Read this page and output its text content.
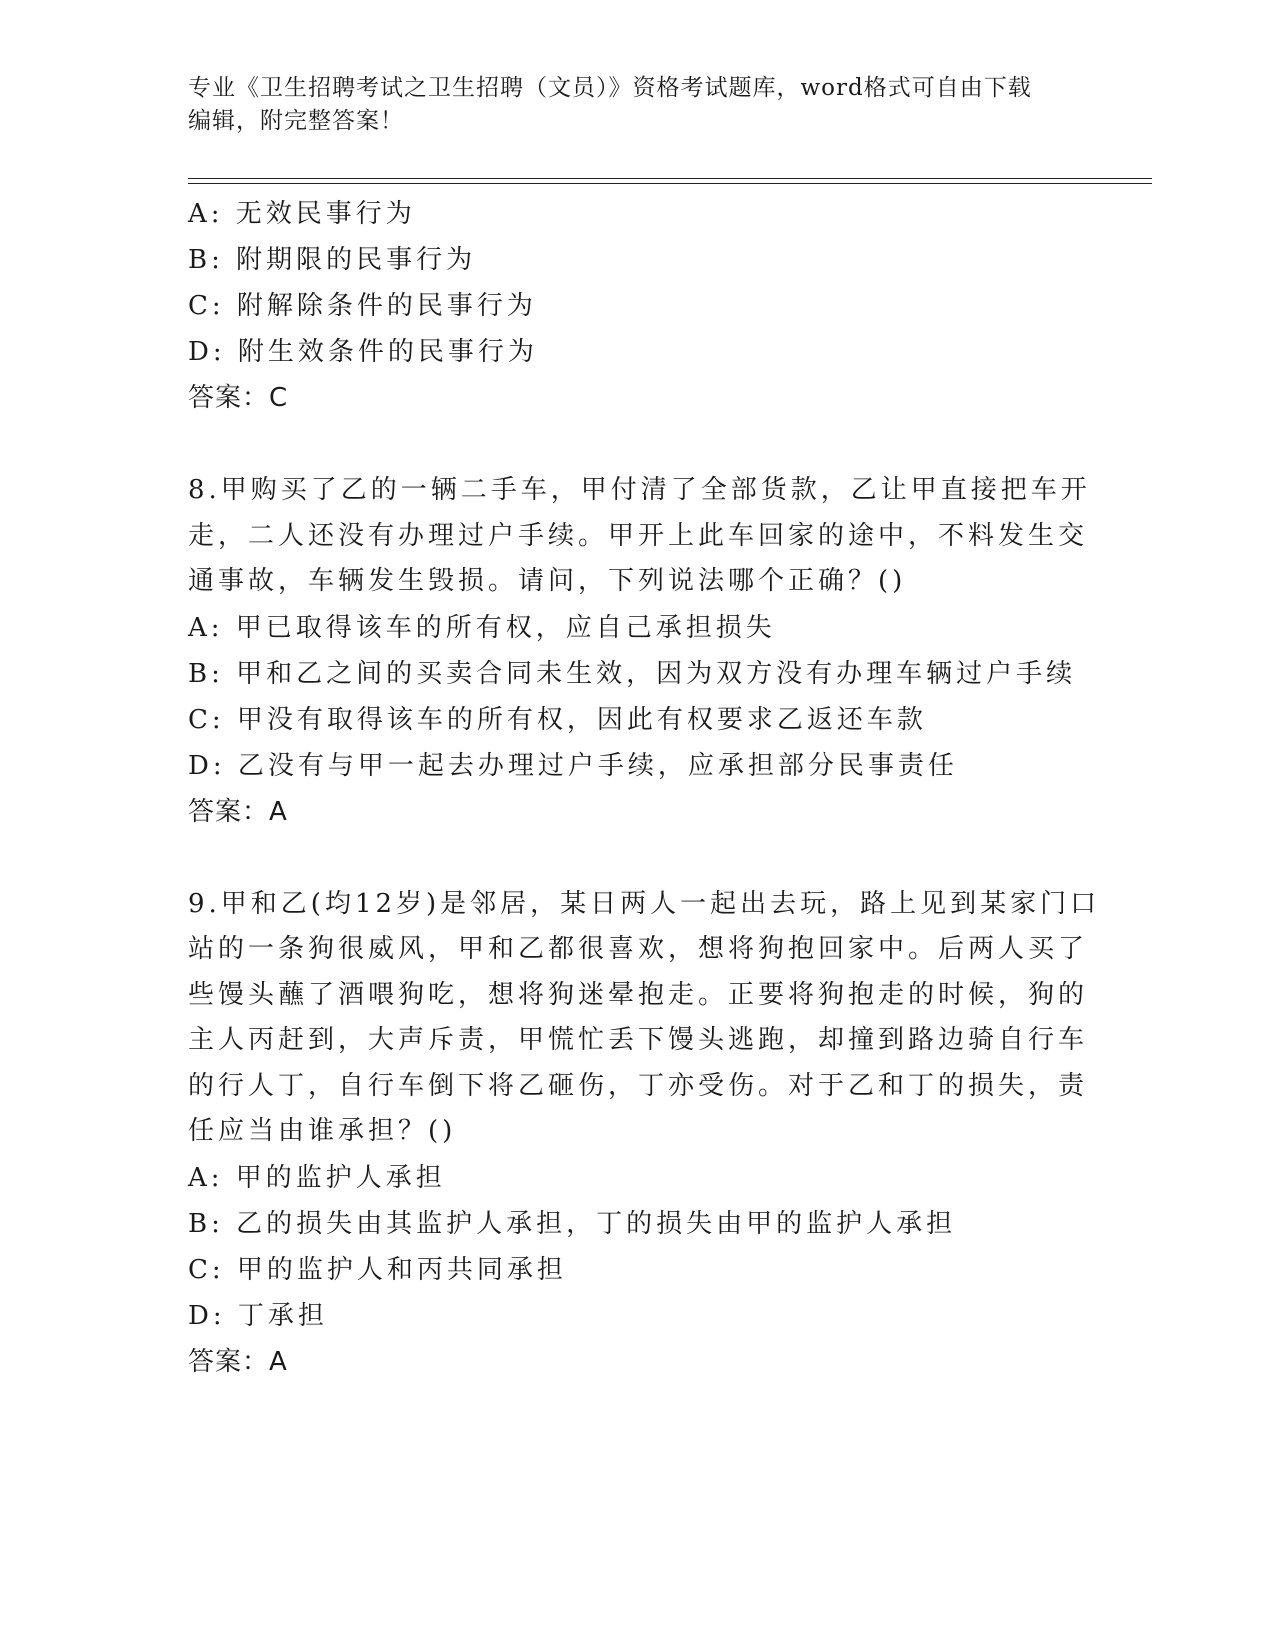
专业《卫生招聘考试之卫生招聘（文员）》资格考试题库，word格式可自由下载
编辑，附完整答案！
A: 无效民事行为
B: 附期限的民事行为
C: 附解除条件的民事行为
D: 附生效条件的民事行为
答案：C
8.甲购买了乙的一辆二手车，甲付清了全部货款，乙让甲直接把车开
走，二人还没有办理过户手续。甲开上此车回家的途中，不料发生交
通事故，车辆发生毁损。请问，下列说法哪个正确？()
A: 甲已取得该车的所有权，应自己承担损失
B: 甲和乙之间的买卖合同未生效，因为双方没有办理车辆过户手续
C: 甲没有取得该车的所有权，因此有权要求乙返还车款
D: 乙没有与甲一起去办理过户手续，应承担部分民事责任
答案：A
9.甲和乙(均12岁)是邻居，某日两人一起出去玩，路上见到某家门口
站的一条狗很威风，甲和乙都很喜欢，想将狗抱回家中。后两人买了
些馒头蘸了酒喂狗吃，想将狗迷晕抱走。正要将狗抱走的时候，狗的
主人丙赶到，大声斥责，甲慌忙丢下馒头逃跑，却撞到路边骑自行车
的行人丁，自行车倒下将乙砸伤，丁亦受伤。对于乙和丁的损失，责
任应当由谁承担？()
A: 甲的监护人承担
B: 乙的损失由其监护人承担，丁的损失由甲的监护人承担
C: 甲的监护人和丙共同承担
D: 丁承担
答案：A
